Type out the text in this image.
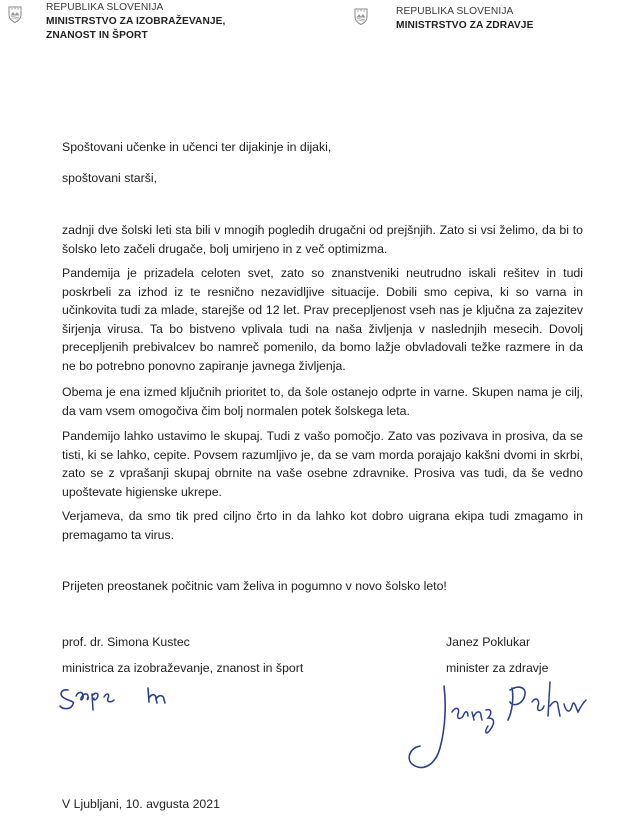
REPUBLIKA SLOVENIJA
MINISTRSTVO ZA IZOBRAŽEVANJE,
ZNANOST IN ŠPORT
REPUBLIKA SLOVENIJA
MINISTRSTVO ZA ZDRAVJE
Spoštovani učenke in učenci ter dijakinje in dijaki,
spoštovani starši,
zadnji dve šolski leti sta bili v mnogih pogledih drugačni od prejšnjih. Zato si vsi želimo, da bi to šolsko leto začeli drugače, bolj umirjeno in z več optimizma.
Pandemija je prizadela celoten svet, zato so znanstveniki neutrudno iskali rešitev in tudi poskrbeli za izhod iz te resnično nezavidljive situacije. Dobili smo cepiva, ki so varna in učinkovita tudi za mlade, starejše od 12 let. Prav precepljenost vseh nas je ključna za zajezitev širjenja virusa. Ta bo bistveno vplivala tudi na naša življenja v naslednjih mesecih. Dovolj precepljenih prebivalcev bo namreč pomenilo, da bomo lažje obvladovali težke razmere in da ne bo potrebno ponovno zapiranje javnega življenja.
Obema je ena izmed ključnih prioritet to, da šole ostanejo odprte in varne. Skupen nama je cilj, da vam vsem omogočiva čim bolj normalen potek šolskega leta.
Pandemijo lahko ustavimo le skupaj. Tudi z vašo pomočjo. Zato vas pozivava in prosiva, da se tisti, ki se lahko, cepite. Povsem razumljivo je, da se vam morda porajajo kakšni dvomi in skrbi, zato se z vprašanji skupaj obrnite na vaše osebne zdravnike. Prosiva vas tudi, da še vedno upoštevate higienske ukrepe.
Verjameva, da smo tik pred ciljno črto in da lahko kot dobro uigrana ekipa tudi zmagamo in premagamo ta virus.
Prijeten preostanek počitnic vam želiva in pogumno v novo šolsko leto!
prof. dr. Simona Kustec
ministrica za izobraževanje, znanost in šport
Janez Poklukar
minister za zdravje
V Ljubljani, 10. avgusta 2021
